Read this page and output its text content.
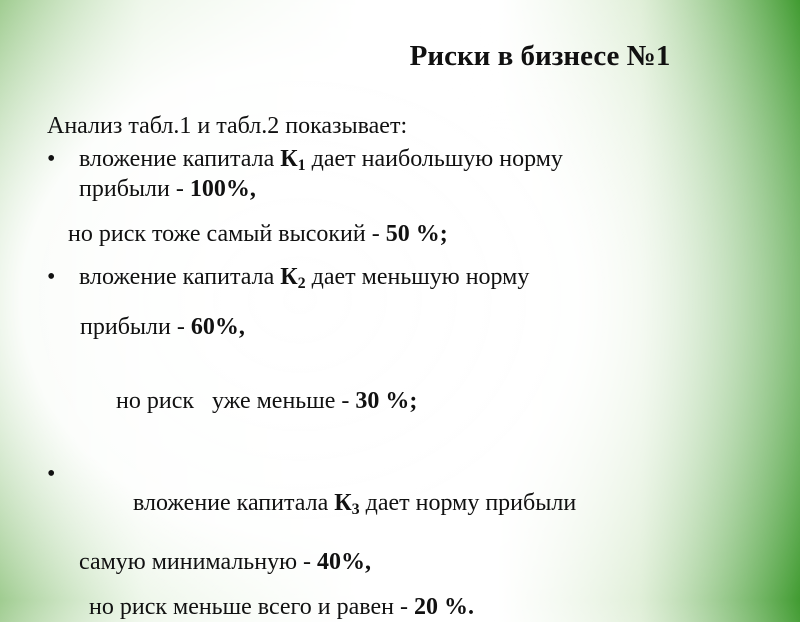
Риски в бизнесе №1
Анализ табл.1 и табл.2 показывает:
• вложение капитала $К_1$ дает наибольшую норму
прибыли - 100%,
но риск тоже самый высокий - 50 %;
• вложение капитала $К_2$ дает меньшую норму
прибыли - 60%,

но риск   уже меньше - 30 %;

•

вложение капитала $К_3$ дает норму прибыли

самую минимальную - 40%,
но риск меньше всего и равен - 20 %.
